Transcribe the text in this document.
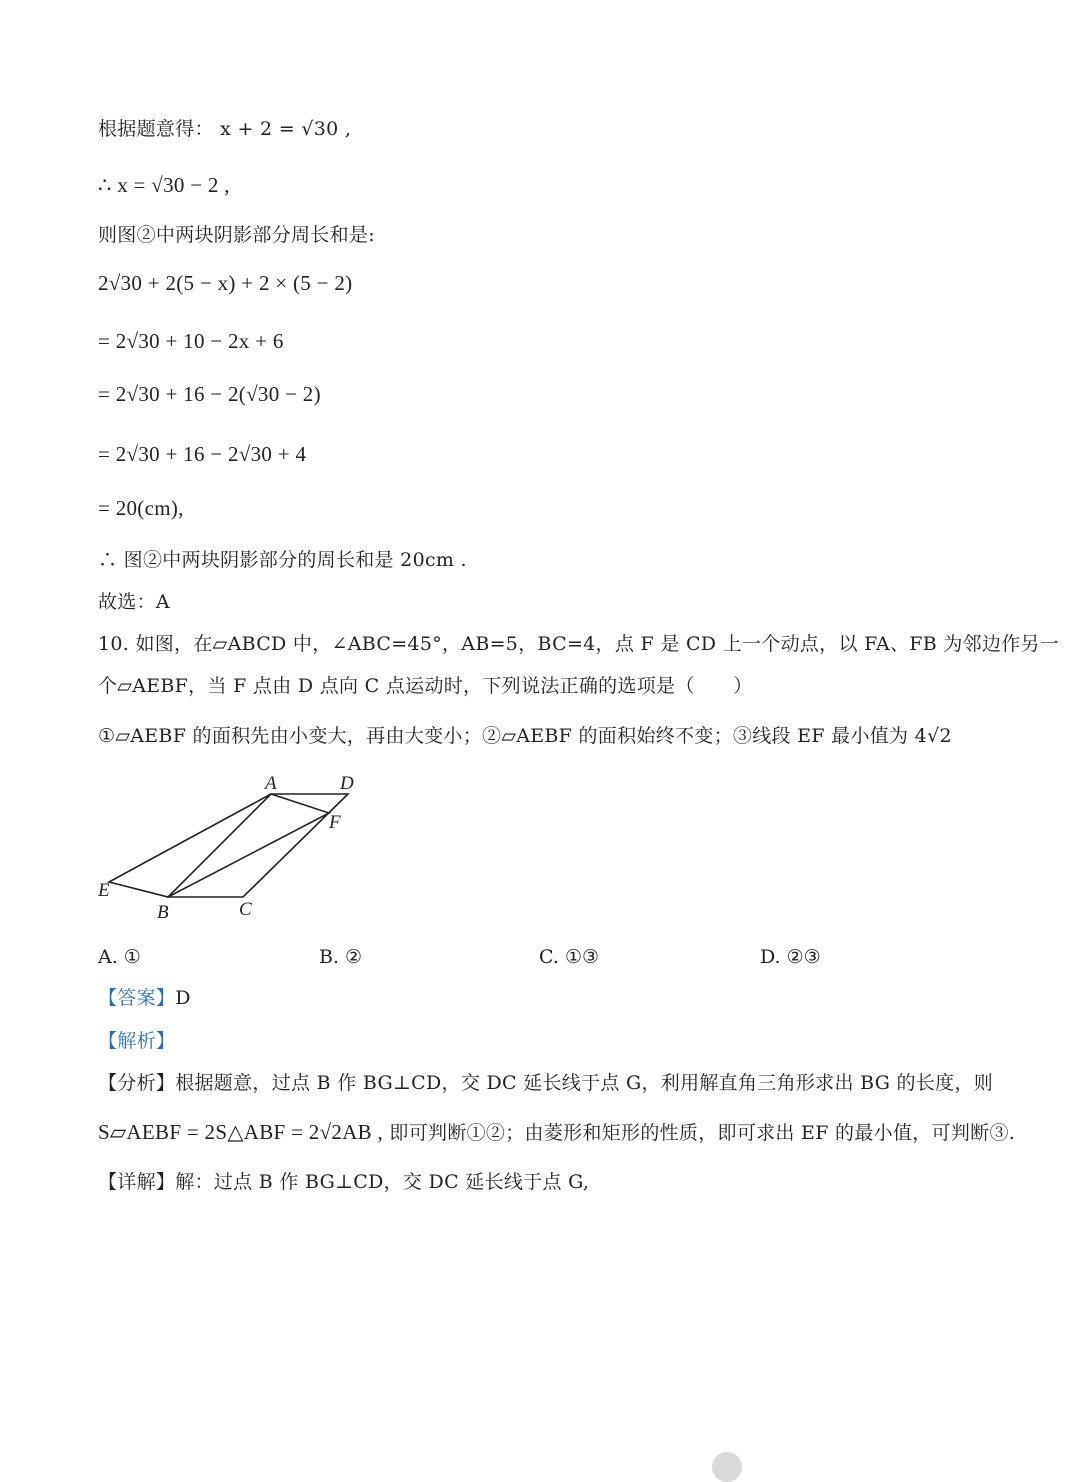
根据题意得： x + 2 = √30 ,
∴ x = √30 − 2 ,
则图②中两块阴影部分周长和是:
2√30 + 2(5 − x) + 2 × (5 − 2)
= 2√30 + 10 − 2x + 6
= 2√30 + 16 − 2(√30 − 2)
= 2√30 + 16 − 2√30 + 4
= 20(cm),
∴ 图②中两块阴影部分的周长和是 20cm .
故选：A
10. 如图，在▱ABCD 中，∠ABC=45°，AB=5，BC=4，点 F 是 CD 上一个动点，以 FA、FB 为邻边作另一
个▱AEBF，当 F 点由 D 点向 C 点运动时，下列说法正确的选项是（　　）
①▱AEBF 的面积先由小变大，再由大变小；②▱AEBF 的面积始终不变；③线段 EF 最小值为 4√2
A	D
F
E
B	C
A. ①	B. ②	C. ①③	D. ②③
【答案】D
【解析】
【分析】根据题意，过点 B 作 BG⊥CD，交 DC 延长线于点 G，利用解直角三角形求出 BG 的长度，则
S▱AEBF = 2S△ABF = 2√2AB , 即可判断①②；由菱形和矩形的性质，即可求出 EF 的最小值，可判断③.
【详解】解：过点 B 作 BG⊥CD，交 DC 延长线于点 G,
